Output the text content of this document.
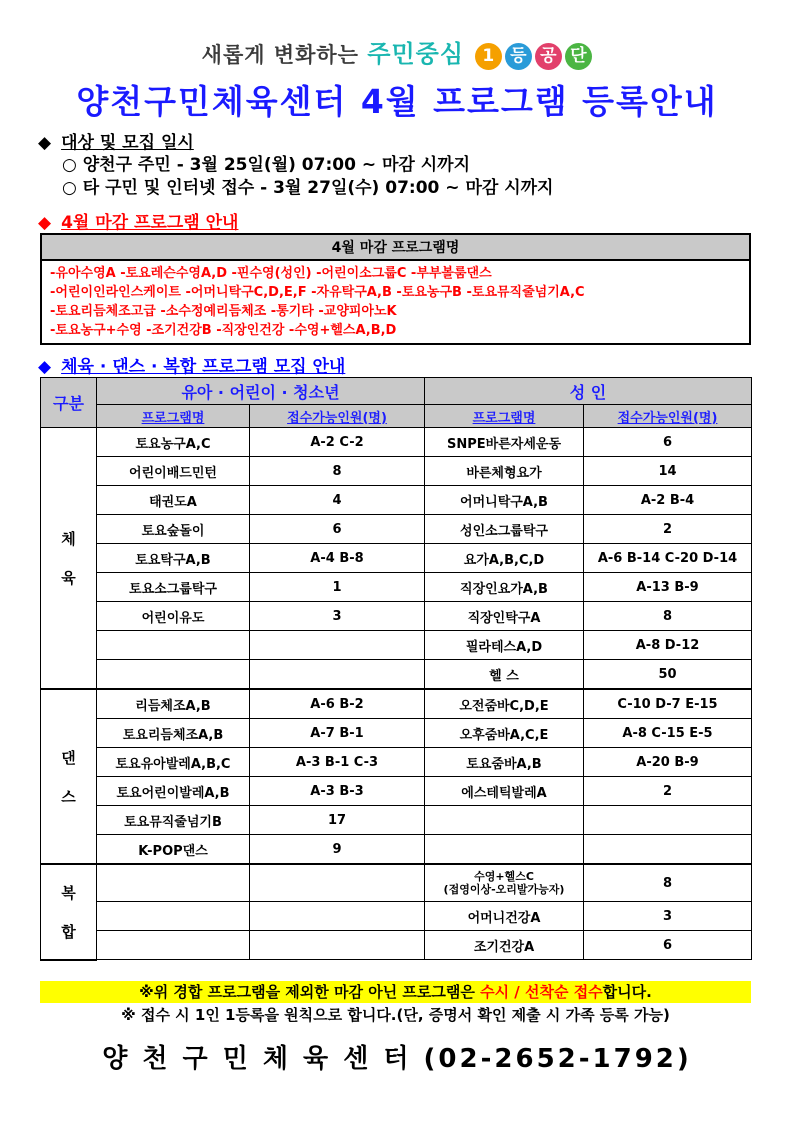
새롭게 변화하는 주민중심 1 등 공 단
양천구민체육센터 4월 프로그램 등록안내
◆ 대상 및 모집 일시
○ 양천구 주민 - 3월 25일(월) 07:00 ~ 마감 시까지
○ 타 구민 및 인터넷 접수 - 3월 27일(수) 07:00 ~ 마감 시까지
◆ 4월 마감 프로그램 안내
4월 마감 프로그램명

-유아수영A -토요레슨수영A,D -핀수영(성인) -어린이소그룹C -부부볼룸댄스
-어린이인라인스케이트 -어머니탁구C,D,E,F -자유탁구A,B -토요농구B -토요뮤직줄넘기A,C
-토요리듬체조고급 -소수정예리듬체조 -통기타 -교양피아노K
-토요농구+수영 -조기건강B -직장인건강 -수영+헬스A,B,D
◆ 체육 · 댄스 · 복합 프로그램 모집 안내
구분	유아 · 어린이 · 청소년		성 인	
	프로그램명	접수가능인원(명)	프로그램명	접수가능인원(명)
체

육	토요농구A,C	A-2 C-2	SNPE바른자세운동	6
	어린이배드민턴	8	바른체형요가	14
	태권도A	4	어머니탁구A,B	A-2 B-4
	토요숲돌이	6	성인소그룹탁구	2
	토요탁구A,B	A-4 B-8	요가A,B,C,D	A-6 B-14 C-20 D-14
	토요소그룹탁구	1	직장인요가A,B	A-13 B-9
	어린이유도	3	직장인탁구A	8
			필라테스A,D	A-8 D-12
			헬 스	50
댄

스	리듬체조A,B	A-6 B-2	오전줌바C,D,E	C-10 D-7 E-15
	토요리듬체조A,B	A-7 B-1	오후줌바A,C,E	A-8 C-15 E-5
	토요유아발레A,B,C	A-3 B-1 C-3	토요줌바A,B	A-20 B-9
	토요어린이발레A,B	A-3 B-3	에스테틱발레A	2
	토요뮤직줄넘기B	17		
	K-POP댄스	9		
복

합			수영+헬스C
(접영이상-오리발가능자)	8
			어머니건강A	3
			조기건강A	6
※위 경합 프로그램을 제외한 마감 아닌 프로그램은 수시 / 선착순 접수합니다.
※ 접수 시 1인 1등록을 원칙으로 합니다.(단, 증명서 확인 제출 시 가족 등록 가능)
양 천 구 민 체 육 센 터 (02-2652-1792)
